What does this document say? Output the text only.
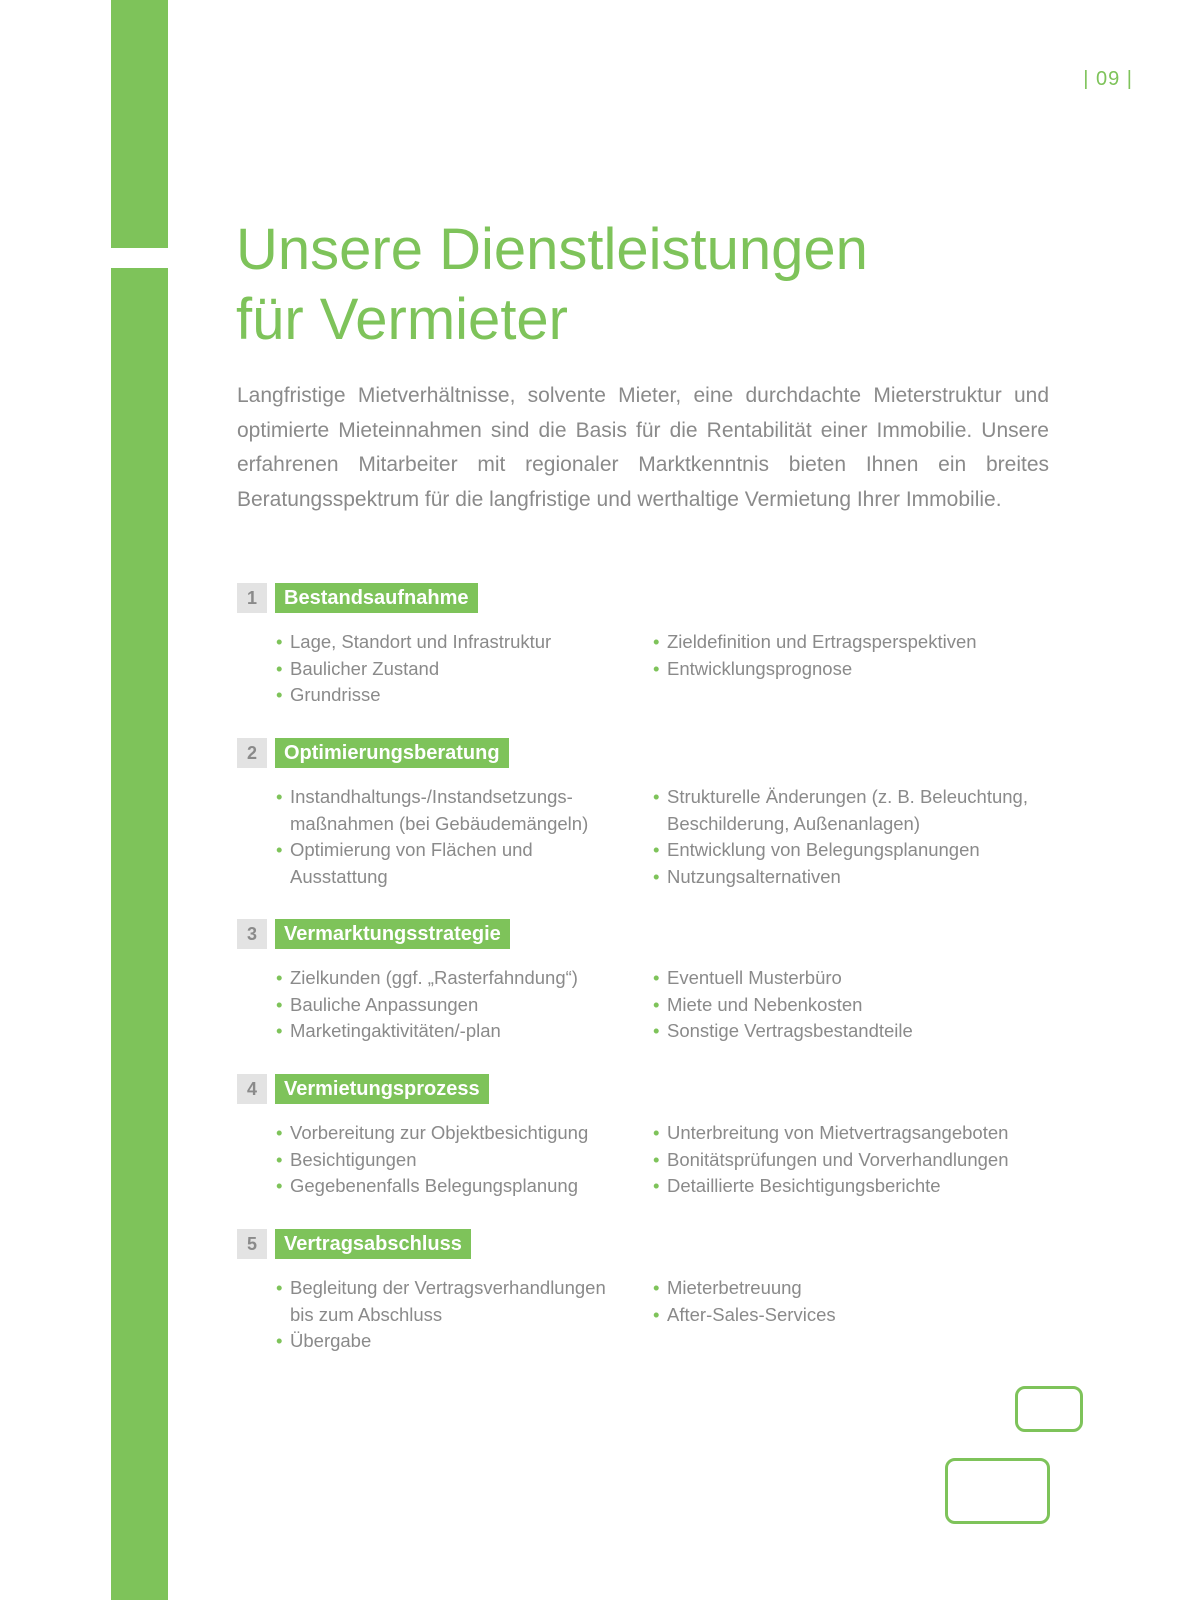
| 09 |
Unsere Dienstleistungen
für Vermieter

Langfristige Mietverhältnisse, solvente Mieter, eine durchdachte Mieterstruktur und optimierte Mieteinnahmen sind die Basis für die Rentabilität einer Immobilie. Unsere erfahrenen Mitarbeiter mit regionaler Marktkenntnis bieten Ihnen ein breites Beratungsspektrum für die langfristige und werthaltige Vermietung Ihrer Immobilie.

1	Bestandsaufnahme
• Lage, Standort und Infrastruktur
• Baulicher Zustand
• Grundrisse
• Zieldefinition und Ertragsperspektiven
• Entwicklungsprognose
2	Optimierungsberatung
• Instandhaltungs-/Instandsetzungs-maßnahmen (bei Gebäudemängeln)
• Optimierung von Flächen und Ausstattung
• Strukturelle Änderungen (z. B. Beleuchtung, Beschilderung, Außenanlagen)
• Entwicklung von Belegungsplanungen
• Nutzungsalternativen
3	Vermarktungsstrategie
• Zielkunden (ggf. „Rasterfahndung“)
• Bauliche Anpassungen
• Marketingaktivitäten/-plan
• Eventuell Musterbüro
• Miete und Nebenkosten
• Sonstige Vertragsbestandteile
4	Vermietungsprozess
• Vorbereitung zur Objektbesichtigung
• Besichtigungen
• Gegebenenfalls Belegungsplanung
• Unterbreitung von Mietvertragsangeboten
• Bonitätsprüfungen und Vorverhandlungen
• Detaillierte Besichtigungsberichte
5	Vertragsabschluss
• Begleitung der Vertragsverhandlungen bis zum Abschluss
• Übergabe
• Mieterbetreuung
• After-Sales-Services
